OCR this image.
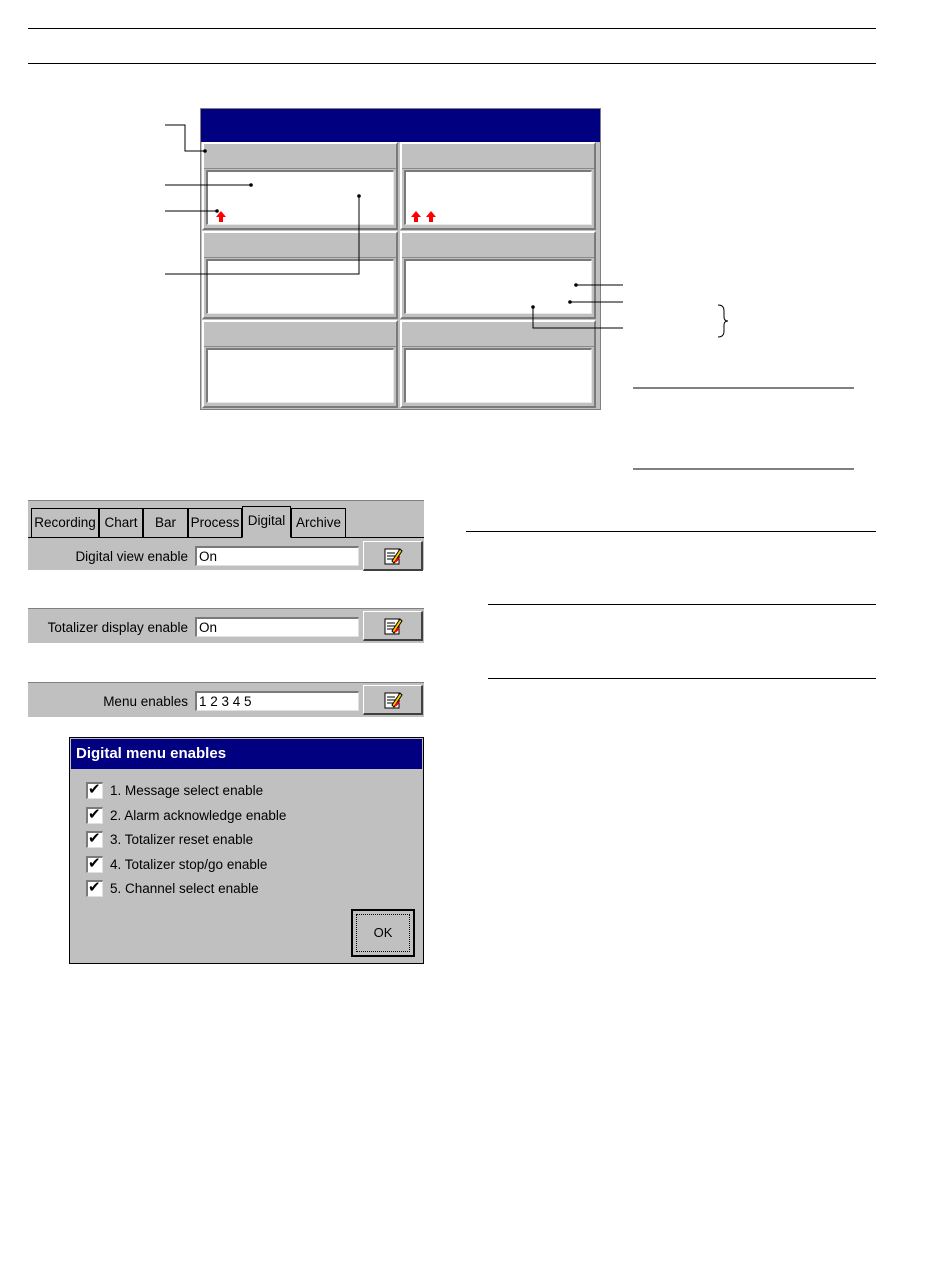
Recording Chart	Bar	Process Digital Archive
Digital view enable On
Totalizer display enable On
Menu enables 1 2 3 4 5
Digital menu enables
✔ 1. Message select enable
✔ 2. Alarm acknowledge enable
✔ 3. Totalizer reset enable
✔ 4. Totalizer stop/go enable
✔ 5. Channel select enable
OK
